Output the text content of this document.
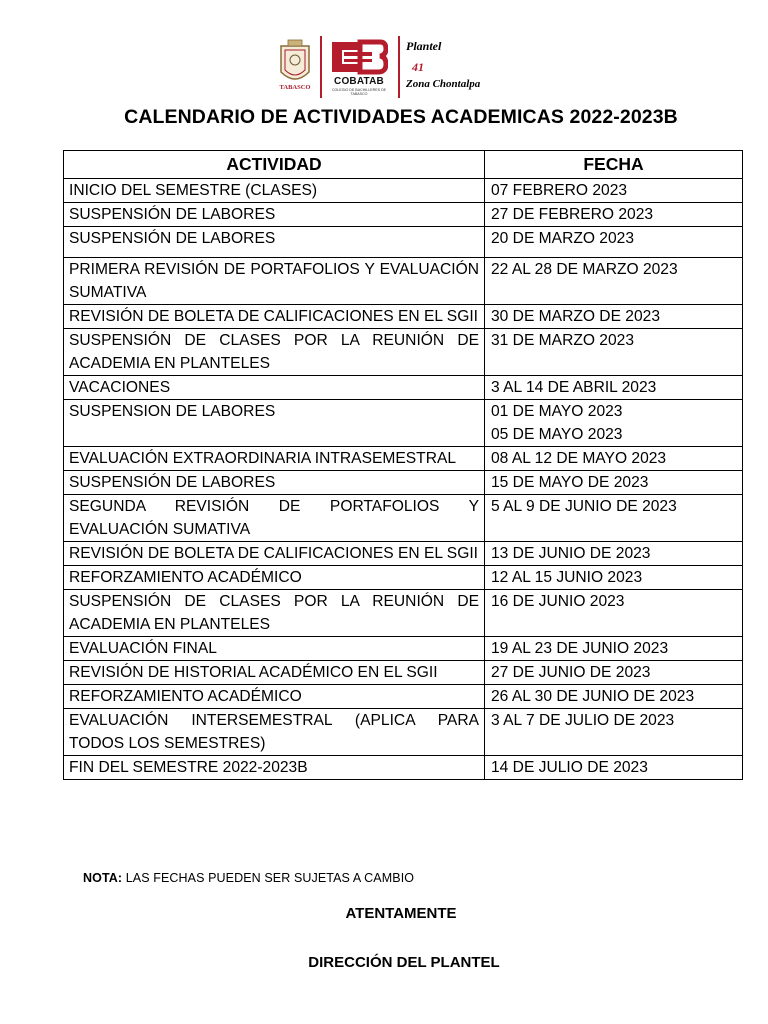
TABASCO
COBATAB
COLEGIO DE BACHILLERES DE TABASCO
Plantel
41
Zona Chontalpa
CALENDARIO DE ACTIVIDADES ACADEMICAS 2022-2023B
ACTIVIDAD	FECHA
INICIO DEL SEMESTRE (CLASES)	07 FEBRERO 2023

SUSPENSIÓN DE LABORES	27 DE FEBRERO 2023

SUSPENSIÓN DE LABORES	20 DE MARZO 2023

PRIMERA REVISIÓN DE PORTAFOLIOS Y EVALUACIÓN SUMATIVA	22 AL 28 DE MARZO 2023

REVISIÓN DE BOLETA DE CALIFICACIONES EN EL SGII	30 DE MARZO DE 2023

SUSPENSIÓN DE CLASES POR LA REUNIÓN DE ACADEMIA EN PLANTELES	31 DE MARZO 2023

VACACIONES	3 AL 14 DE ABRIL 2023

SUSPENSION DE LABORES	01 DE MAYO 2023
05 DE MAYO 2023

EVALUACIÓN EXTRAORDINARIA INTRASEMESTRAL	08 AL 12 DE MAYO 2023

SUSPENSIÓN DE LABORES	15 DE MAYO DE 2023

SEGUNDA REVISIÓN DE PORTAFOLIOS Y EVALUACIÓN SUMATIVA	5 AL 9 DE JUNIO DE 2023

REVISIÓN DE BOLETA DE CALIFICACIONES EN EL SGII	13 DE JUNIO DE 2023

REFORZAMIENTO ACADÉMICO	12 AL 15 JUNIO 2023

SUSPENSIÓN DE CLASES POR LA REUNIÓN DE ACADEMIA EN PLANTELES	16 DE JUNIO 2023

EVALUACIÓN FINAL	19 AL 23 DE JUNIO 2023

REVISIÓN DE HISTORIAL ACADÉMICO EN EL SGII	27 DE JUNIO DE 2023

REFORZAMIENTO ACADÉMICO	26 AL 30 DE JUNIO DE 2023

EVALUACIÓN INTERSEMESTRAL (APLICA PARA TODOS LOS SEMESTRES)	3 AL 7 DE JULIO DE 2023

FIN DEL SEMESTRE 2022-2023B	14 DE JULIO DE 2023
NOTA: LAS FECHAS PUEDEN SER SUJETAS A CAMBIO
ATENTAMENTE
DIRECCIÓN DEL PLANTEL
